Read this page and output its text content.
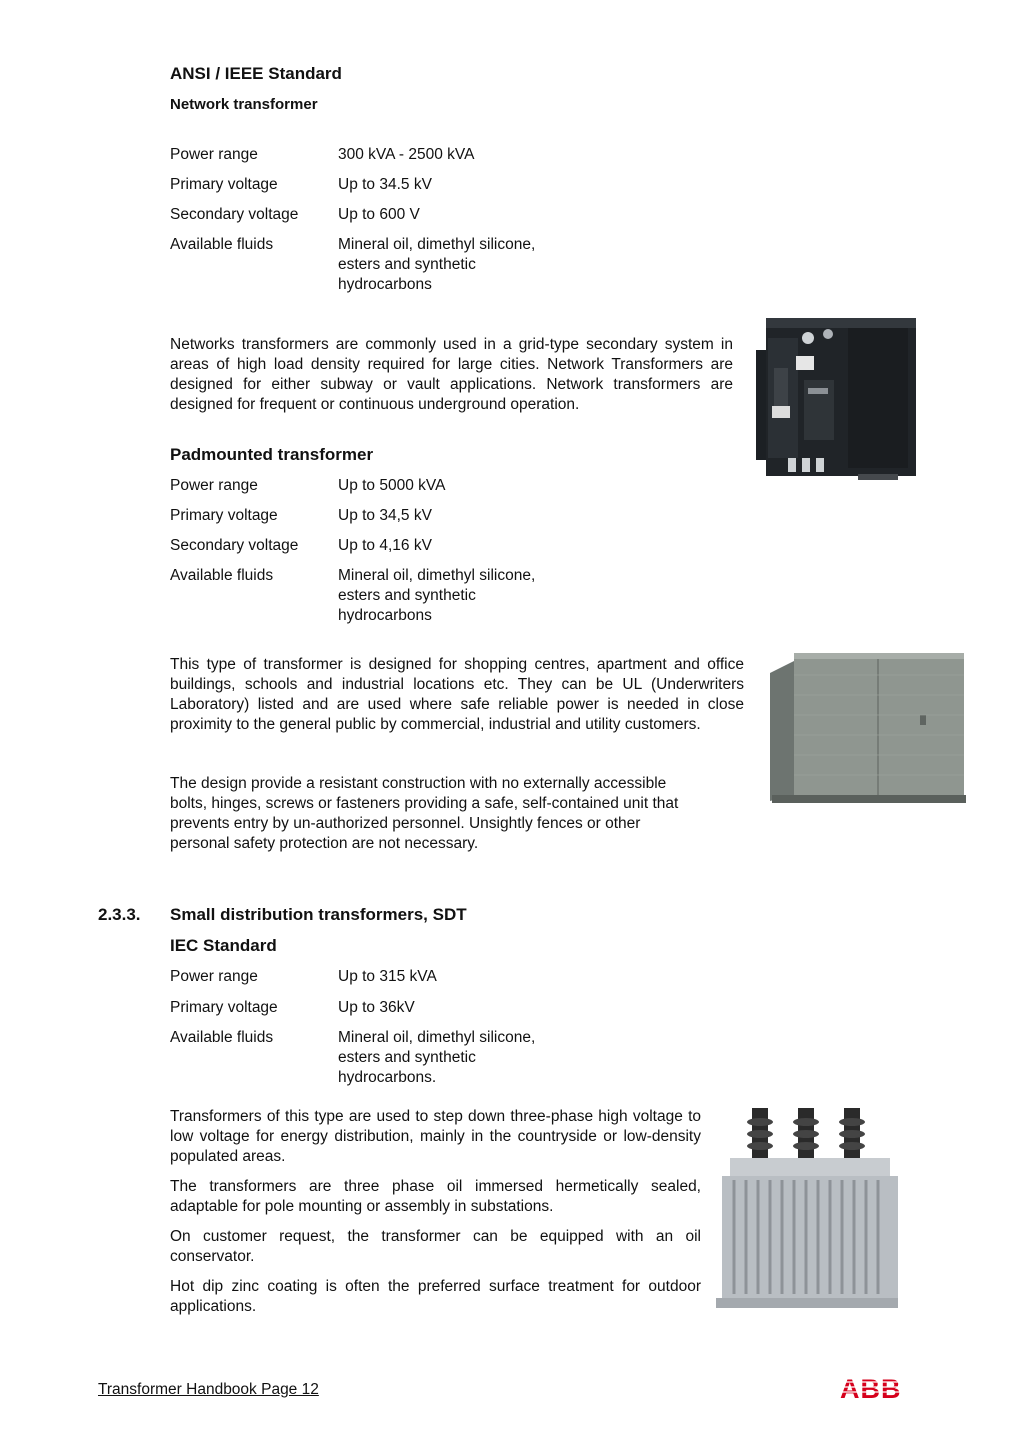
ANSI / IEEE Standard
Network transformer
Power range	300 kVA - 2500 kVA
Primary voltage	Up to 34.5 kV
Secondary voltage	Up to 600 V
Available fluids	Mineral oil, dimethyl silicone,
esters and synthetic
hydrocarbons
Networks transformers are commonly used in a grid-type secondary system in areas of high load density required for large cities. Network Transformers are designed for either subway or vault applications. Network transformers are designed for frequent or continuous underground operation.
Padmounted transformer
Power range	Up to 5000 kVA
Primary voltage	Up to 34,5 kV
Secondary voltage	Up to 4,16 kV
Available fluids	Mineral oil, dimethyl silicone,
esters and synthetic
hydrocarbons
This type of transformer is designed for shopping centres, apartment and office buildings, schools and industrial locations etc. They can be UL (Underwriters Laboratory) listed and are used where safe reliable power is needed in close proximity to the general public by commercial, industrial and utility customers.
The design provide a resistant construction with no externally accessible
bolts, hinges, screws or fasteners providing a safe, self-contained unit that
prevents entry by un-authorized personnel. Unsightly fences or other
personal safety protection are not necessary.
2.3.3. Small distribution transformers, SDT
IEC Standard
Power range	Up to 315 kVA
Primary voltage	Up to 36kV
Available fluids	Mineral oil, dimethyl silicone,
esters and synthetic
hydrocarbons.
Transformers of this type are used to step down three-phase high voltage to low voltage for energy distribution, mainly in the countryside or low-density populated areas.
The transformers are three phase oil immersed hermetically sealed, adaptable for pole mounting or assembly in substations.
On customer request, the transformer can be equipped with an oil conservator.
Hot dip zinc coating is often the preferred surface treatment for outdoor applications.
Transformer Handbook Page 12	ABB
